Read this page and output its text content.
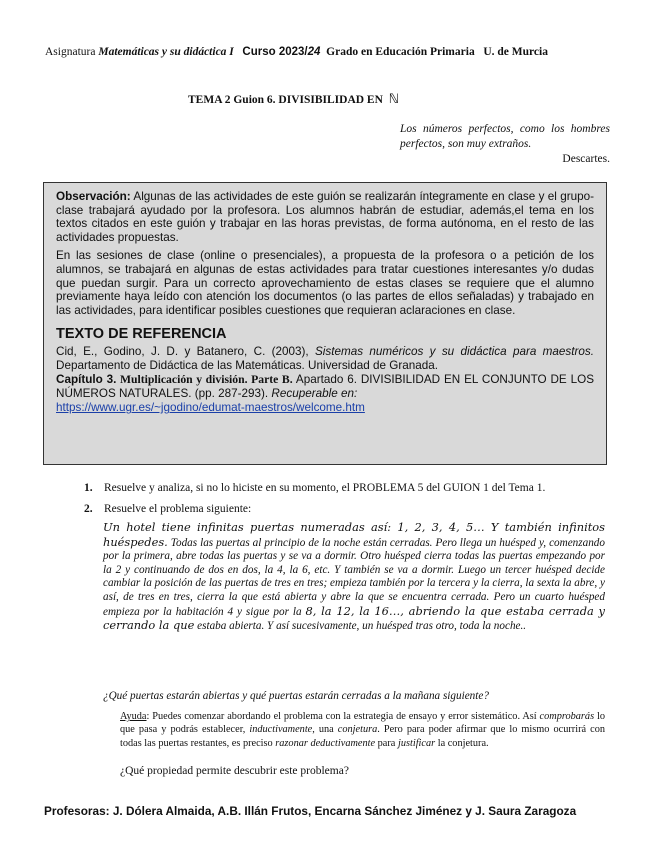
Asignatura Matemáticas y su didáctica I Curso 2023/24 Grado en Educación Primaria U. de Murcia
TEMA 2 Guion 6. DIVISIBILIDAD EN ℕ
Los números perfectos, como los hombres perfectos, son muy extraños.
Descartes.

Observación: Algunas de las actividades de este guión se realizarán íntegramente en clase y el grupo-clase trabajará ayudado por la profesora. Los alumnos habrán de estudiar, además,el tema en los textos citados en este guión y trabajar en las horas previstas, de forma autónoma, en el resto de las actividades propuestas.

En las sesiones de clase (online o presenciales), a propuesta de la profesora o a petición de los alumnos, se trabajará en algunas de estas actividades para tratar cuestiones interesantes y/o dudas que puedan surgir. Para un correcto aprovechamiento de estas clases se requiere que el alumno previamente haya leído con atención los documentos (o las partes de ellos señaladas) y trabajado en las actividades, para identificar posibles cuestiones que requieran aclaraciones en clase.

TEXTO DE REFERENCIA
Cid, E., Godino, J. D. y Batanero, C. (2003), Sistemas numéricos y su didáctica para maestros. Departamento de Didáctica de las Matemáticas. Universidad de Granada.
Capítulo 3. Multiplicación y división. Parte B. Apartado 6. DIVISIBILIDAD EN EL CONJUNTO DE LOS NÚMEROS NATURALES. (pp. 287-293). Recuperable en:
https://www.ugr.es/~jgodino/edumat-maestros/welcome.htm
1. Resuelve y analiza, si no lo hiciste en su momento, el PROBLEMA 5 del GUION 1 del Tema 1.
2. Resuelve el problema siguiente:
Un hotel tiene infinitas puertas numeradas así: 1, 2, 3, 4, 5… Y también infinitos huéspedes. Todas las puertas al principio de la noche están cerradas. Pero llega un huésped y, comenzando por la primera, abre todas las puertas y se va a dormir. Otro huésped cierra todas las puertas empezando por la 2 y continuando de dos en dos, la 4, la 6, etc. Y también se va a dormir. Luego un tercer huésped decide cambiar la posición de las puertas de tres en tres; empieza también por la tercera y la cierra, la sexta la abre, y así, de tres en tres, cierra la que está abierta y abre la que se encuentra cerrada. Pero un cuarto huésped empieza por la habitación 4 y sigue por la 8, la 12, la 16…, abriendo la que estaba cerrada y cerrando la que estaba abierta. Y así sucesivamente, un huésped tras otro, toda la noche..
¿Qué puertas estarán abiertas y qué puertas estarán cerradas a la mañana siguiente?
Ayuda: Puedes comenzar abordando el problema con la estrategia de ensayo y error sistemático. Así comprobarás lo que pasa y podrás establecer, inductivamente, una conjetura. Pero para poder afirmar que lo mismo ocurrirá con todas las puertas restantes, es preciso razonar deductivamente para justificar la conjetura.
¿Qué propiedad permite descubrir este problema?
Profesoras: J. Dólera Almaida, A.B. Illán Frutos, Encarna Sánchez Jiménez y J. Saura Zaragoza
